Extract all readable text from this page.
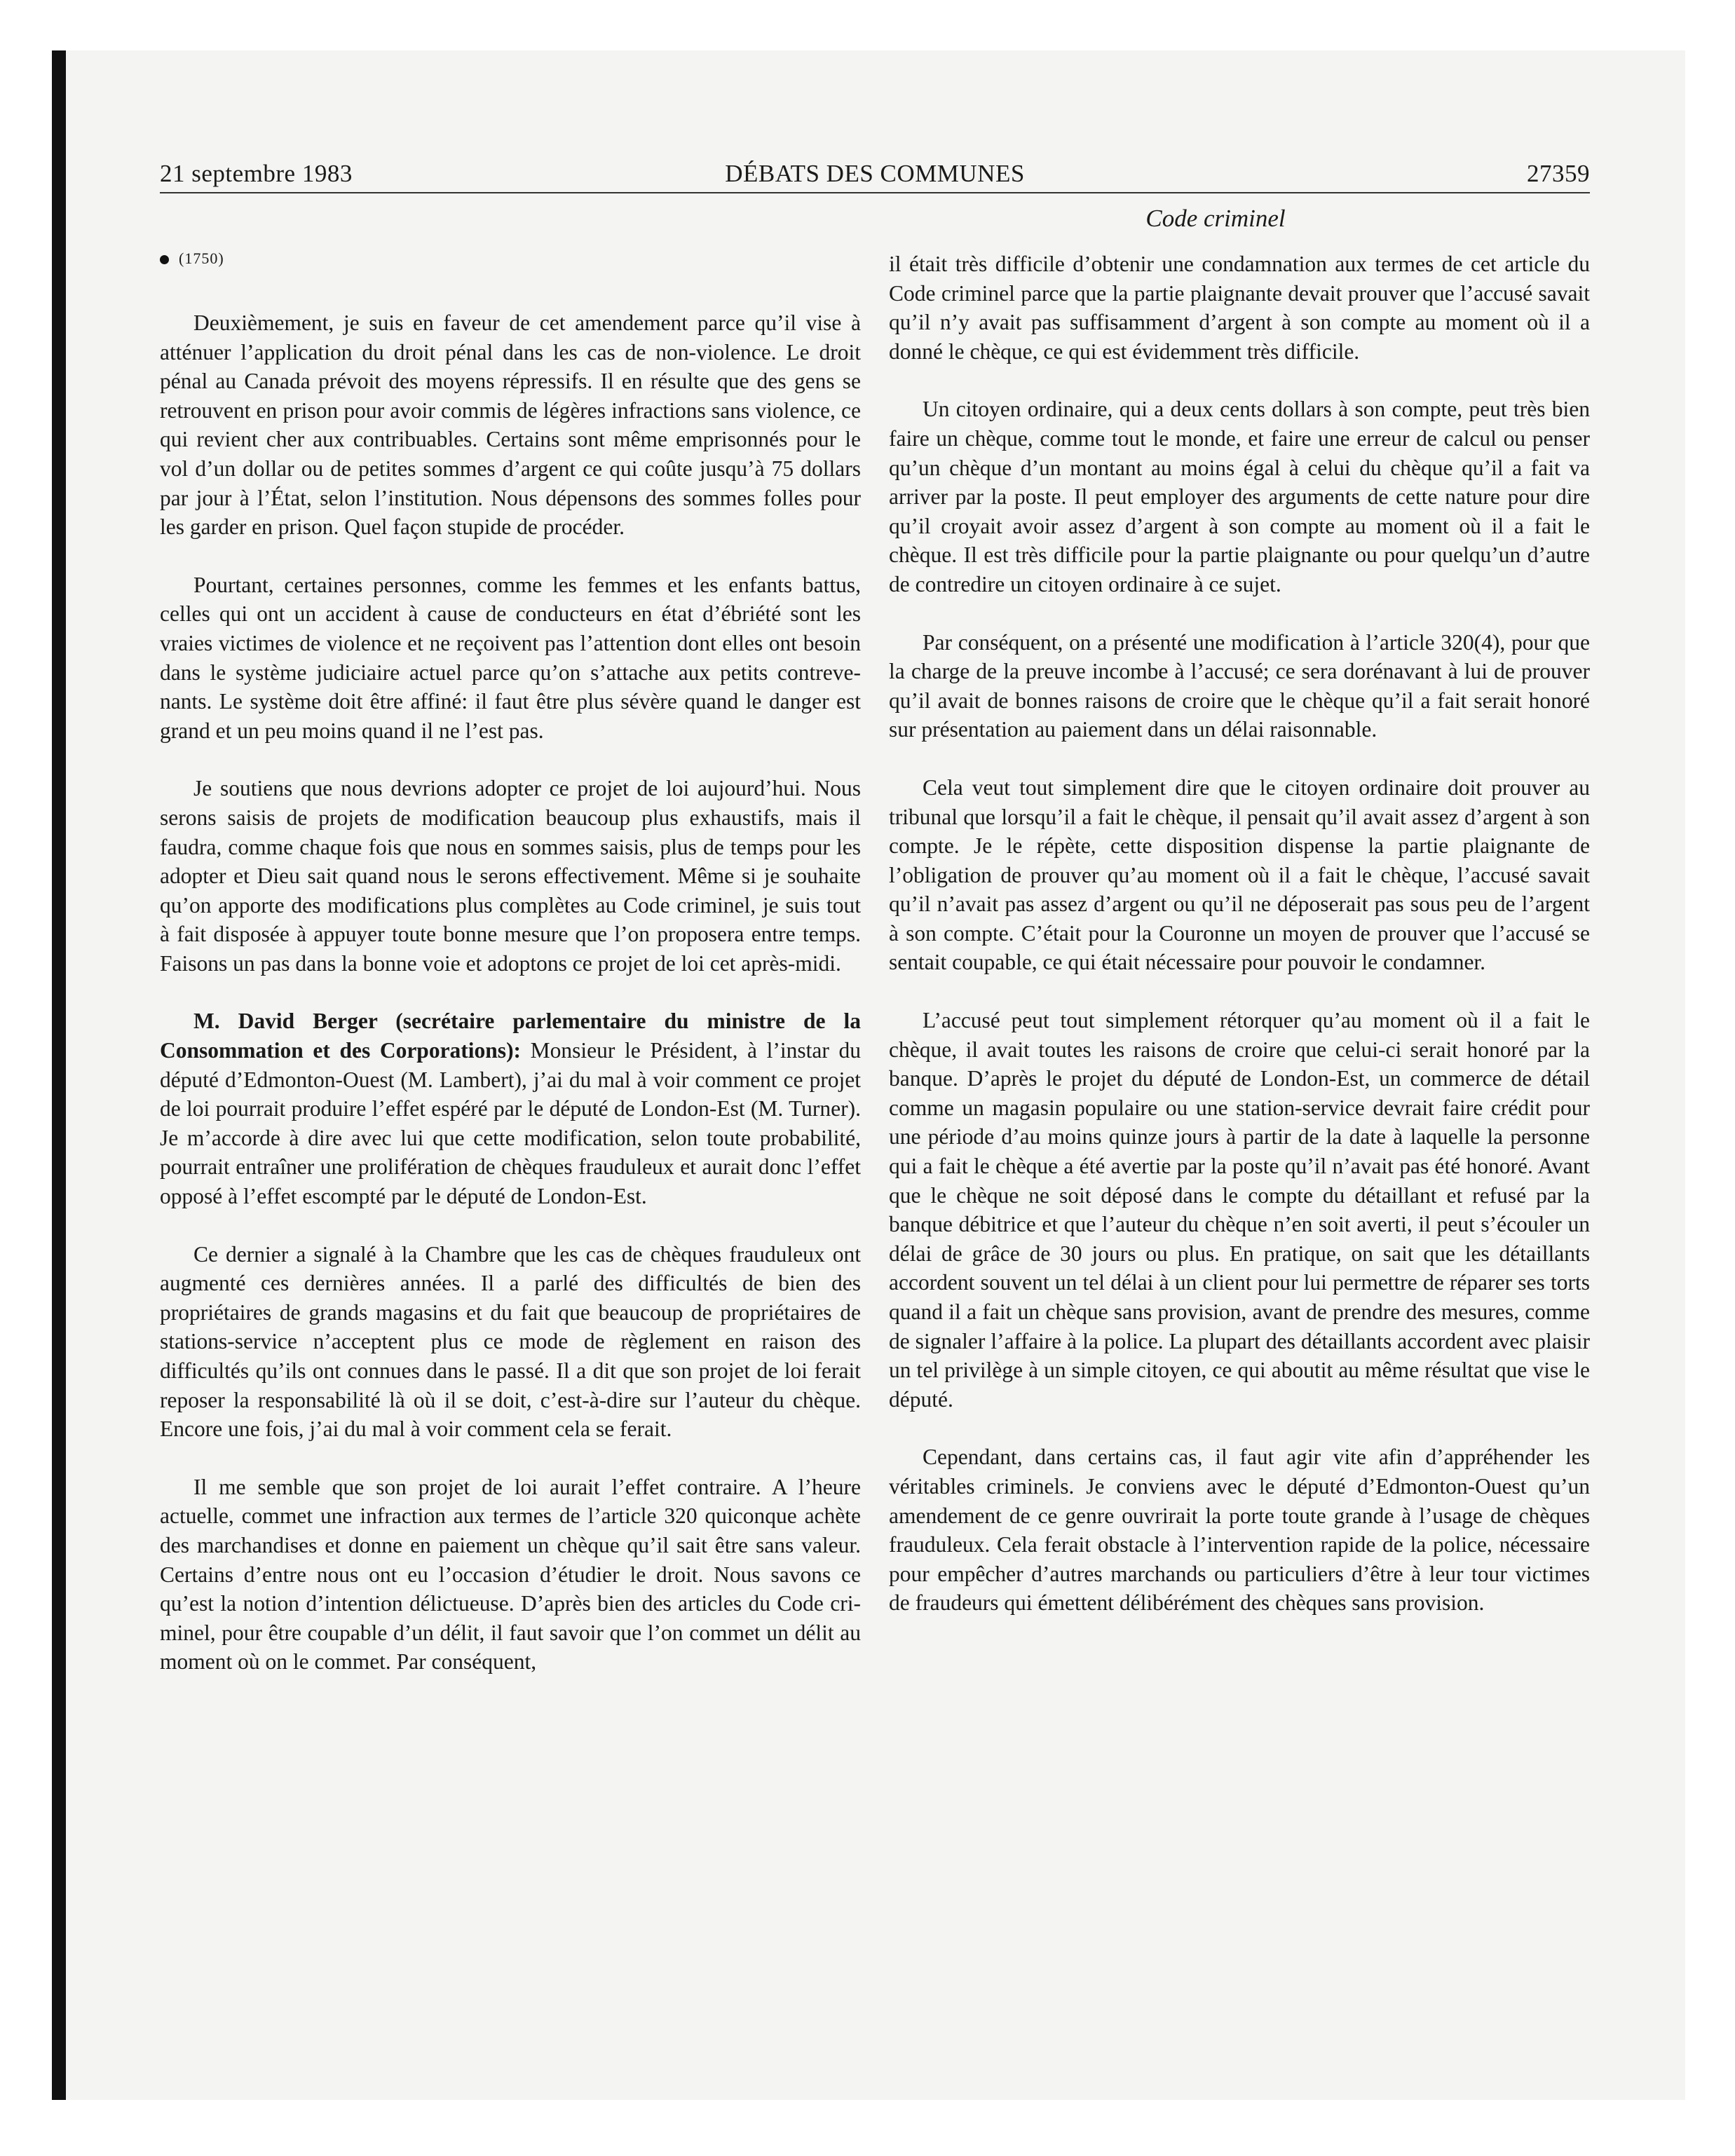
21 septembre 1983	DÉBATS DES COMMUNES	27359
Code criminel
(1750)

Deuxièmement, je suis en faveur de cet amendement parce qu’il vise à atténuer l’application du droit pénal dans les cas de non-violence. Le droit pénal au Canada prévoit des moyens répressifs. Il en résulte que des gens se retrouvent en prison pour avoir commis de légères infractions sans violence, ce qui revient cher aux contribuables. Certains sont même emprisonnés pour le vol d’un dollar ou de petites sommes d’argent ce qui coûte jusqu’à 75 dollars par jour à l’État, selon l’institution. Nous dépensons des sommes folles pour les garder en prison. Quel façon stupide de procéder.

Pourtant, certaines personnes, comme les femmes et les enfants battus, celles qui ont un accident à cause de conducteurs en état d’ébriété sont les vraies victimes de violence et ne reçoivent pas l’attention dont elles ont besoin dans le système judiciaire actuel parce qu’on s’attache aux petits contrevenants. Le système doit être affiné: il faut être plus sévère quand le danger est grand et un peu moins quand il ne l’est pas.

Je soutiens que nous devrions adopter ce projet de loi aujourd’hui. Nous serons saisis de projets de modification beaucoup plus exhaustifs, mais il faudra, comme chaque fois que nous en sommes saisis, plus de temps pour les adopter et Dieu sait quand nous le serons effectivement. Même si je souhaite qu’on apporte des modifications plus complètes au Code criminel, je suis tout à fait disposée à appuyer toute bonne mesure que l’on proposera entre temps. Faisons un pas dans la bonne voie et adoptons ce projet de loi cet après-midi.

M. David Berger (secrétaire parlementaire du ministre de la Consommation et des Corporations): Monsieur le Président, à l’instar du député d’Edmonton-Ouest (M. Lambert), j’ai du mal à voir comment ce projet de loi pourrait produire l’effet espéré par le député de London-Est (M. Turner). Je m’accorde à dire avec lui que cette modification, selon toute probabilité, pourrait entraîner une prolifération de chèques frauduleux et aurait donc l’effet opposé à l’effet escompté par le député de London-Est.

Ce dernier a signalé à la Chambre que les cas de chèques frauduleux ont augmenté ces dernières années. Il a parlé des difficultés de bien des propriétaires de grands magasins et du fait que beaucoup de propriétaires de stations-service n’acceptent plus ce mode de règlement en raison des difficultés qu’ils ont connues dans le passé. Il a dit que son projet de loi ferait reposer la responsabilité là où il se doit, c’est-à-dire sur l’auteur du chèque. Encore une fois, j’ai du mal à voir comment cela se ferait.

Il me semble que son projet de loi aurait l’effet contraire. A l’heure actuelle, commet une infraction aux termes de l’article 320 quiconque achète des marchandises et donne en paiement un chèque qu’il sait être sans valeur. Certains d’entre nous ont eu l’occasion d’étudier le droit. Nous savons ce qu’est la notion d’intention délictueuse. D’après bien des articles du Code criminel, pour être coupable d’un délit, il faut savoir que l’on commet un délit au moment où on le commet. Par conséquent,

il était très difficile d’obtenir une condamnation aux termes de cet article du Code criminel parce que la partie plaignante devait prouver que l’accusé savait qu’il n’y avait pas suffisamment d’argent à son compte au moment où il a donné le chèque, ce qui est évidemment très difficile.

Un citoyen ordinaire, qui a deux cents dollars à son compte, peut très bien faire un chèque, comme tout le monde, et faire une erreur de calcul ou penser qu’un chèque d’un montant au moins égal à celui du chèque qu’il a fait va arriver par la poste. Il peut employer des arguments de cette nature pour dire qu’il croyait avoir assez d’argent à son compte au moment où il a fait le chèque. Il est très difficile pour la partie plaignante ou pour quelqu’un d’autre de contredire un citoyen ordinaire à ce sujet.

Par conséquent, on a présenté une modification à l’article 320(4), pour que la charge de la preuve incombe à l’accusé; ce sera dorénavant à lui de prouver qu’il avait de bonnes raisons de croire que le chèque qu’il a fait serait honoré sur présentation au paiement dans un délai raisonnable.

Cela veut tout simplement dire que le citoyen ordinaire doit prouver au tribunal que lorsqu’il a fait le chèque, il pensait qu’il avait assez d’argent à son compte. Je le répète, cette disposition dispense la partie plaignante de l’obligation de prouver qu’au moment où il a fait le chèque, l’accusé savait qu’il n’avait pas assez d’argent ou qu’il ne déposerait pas sous peu de l’argent à son compte. C’était pour la Couronne un moyen de prouver que l’accusé se sentait coupable, ce qui était nécessaire pour pouvoir le condamner.

L’accusé peut tout simplement rétorquer qu’au moment où il a fait le chèque, il avait toutes les raisons de croire que celui-ci serait honoré par la banque. D’après le projet du député de London-Est, un commerce de détail comme un magasin populaire ou une station-service devrait faire crédit pour une période d’au moins quinze jours à partir de la date à laquelle la personne qui a fait le chèque a été avertie par la poste qu’il n’avait pas été honoré. Avant que le chèque ne soit déposé dans le compte du détaillant et refusé par la banque débitrice et que l’auteur du chèque n’en soit averti, il peut s’écouler un délai de grâce de 30 jours ou plus. En pratique, on sait que les détaillants accordent souvent un tel délai à un client pour lui permettre de réparer ses torts quand il a fait un chèque sans provision, avant de prendre des mesures, comme de signaler l’affaire à la police. La plupart des détaillants accordent avec plaisir un tel privilège à un simple citoyen, ce qui aboutit au même résultat que vise le député.

Cependant, dans certains cas, il faut agir vite afin d’appréhender les véritables criminels. Je conviens avec le député d’Edmonton-Ouest qu’un amendement de ce genre ouvrirait la porte toute grande à l’usage de chèques frauduleux. Cela ferait obstacle à l’intervention rapide de la police, nécessaire pour empêcher d’autres marchands ou particuliers d’être à leur tour victimes de fraudeurs qui émettent délibérément des chèques sans provision.
